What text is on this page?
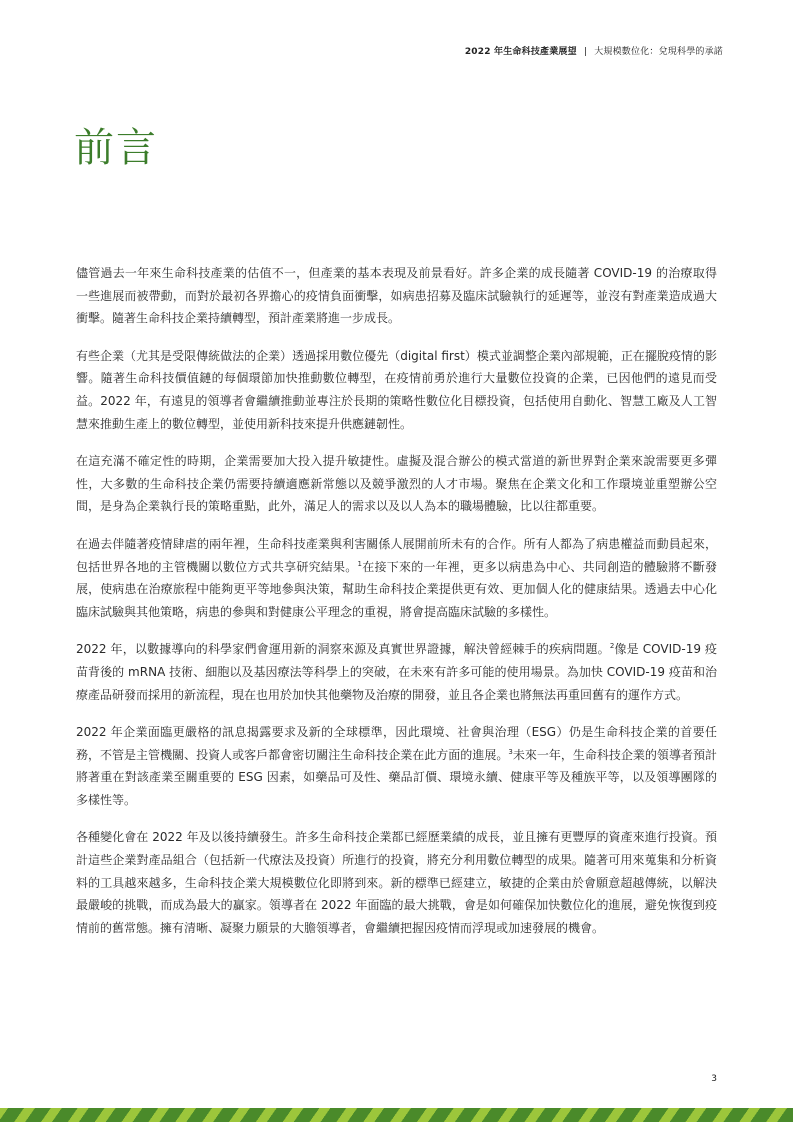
2022 年生命科技產業展望 | 大規模數位化：兌現科學的承諾
前言

儘管過去一年來生命科技產業的估值不一，但產業的基本表現及前景看好。許多企業的成長隨著 COVID-19 的治療取得一些進展而被帶動，而對於最初各界擔心的疫情負面衝擊，如病患招募及臨床試驗執行的延遲等，並沒有對產業造成過大衝擊。隨著生命科技企業持續轉型，預計產業將進一步成長。

有些企業（尤其是受限傳統做法的企業）透過採用數位優先（digital first）模式並調整企業內部規範，正在擺脫疫情的影響。隨著生命科技價值鏈的每個環節加快推動數位轉型，在疫情前勇於進行大量數位投資的企業，已因他們的遠見而受益。2022 年，有遠見的領導者會繼續推動並專注於長期的策略性數位化目標投資，包括使用自動化、智慧工廠及人工智慧來推動生產上的數位轉型，並使用新科技來提升供應鏈韌性。

在這充滿不確定性的時期，企業需要加大投入提升敏捷性。虛擬及混合辦公的模式當道的新世界對企業來說需要更多彈性，大多數的生命科技企業仍需要持續適應新常態以及競爭激烈的人才市場。聚焦在企業文化和工作環境並重塑辦公空間，是身為企業執行長的策略重點，此外，滿足人的需求以及以人為本的職場體驗，比以往都重要。

在過去伴隨著疫情肆虐的兩年裡，生命科技產業與利害關係人展開前所未有的合作。所有人都為了病患權益而動員起來，包括世界各地的主管機關以數位方式共享研究結果。$^1$在接下來的一年裡，更多以病患為中心、共同創造的體驗將不斷發展，使病患在治療旅程中能夠更平等地參與決策，幫助生命科技企業提供更有效、更加個人化的健康結果。透過去中心化臨床試驗與其他策略，病患的參與和對健康公平理念的重視，將會提高臨床試驗的多樣性。

2022 年，以數據導向的科學家們會運用新的洞察來源及真實世界證據，解決曾經棘手的疾病問題。$^2$像是 COVID-19 疫苗背後的 mRNA 技術、細胞以及基因療法等科學上的突破，在未來有許多可能的使用場景。為加快 COVID-19 疫苗和治療產品研發而採用的新流程，現在也用於加快其他藥物及治療的開發，並且各企業也將無法再重回舊有的運作方式。

2022 年企業面臨更嚴格的訊息揭露要求及新的全球標準，因此環境、社會與治理（ESG）仍是生命科技企業的首要任務，不管是主管機關、投資人或客戶都會密切關注生命科技企業在此方面的進展。$^3$未來一年，生命科技企業的領導者預計將著重在對該產業至關重要的 ESG 因素，如藥品可及性、藥品訂價、環境永續、健康平等及種族平等，以及領導團隊的多樣性等。

各種變化會在 2022 年及以後持續發生。許多生命科技企業都已經歷業績的成長，並且擁有更豐厚的資產來進行投資。預計這些企業對產品組合（包括新一代療法及投資）所進行的投資，將充分利用數位轉型的成果。隨著可用來蒐集和分析資料的工具越來越多，生命科技企業大規模數位化即將到來。新的標準已經建立，敏捷的企業由於會願意超越傳統，以解決最嚴峻的挑戰，而成為最大的贏家。領導者在 2022 年面臨的最大挑戰，會是如何確保加快數位化的進展，避免恢復到疫情前的舊常態。擁有清晰、凝聚力願景的大膽領導者，會繼續把握因疫情而浮現或加速發展的機會。

3
